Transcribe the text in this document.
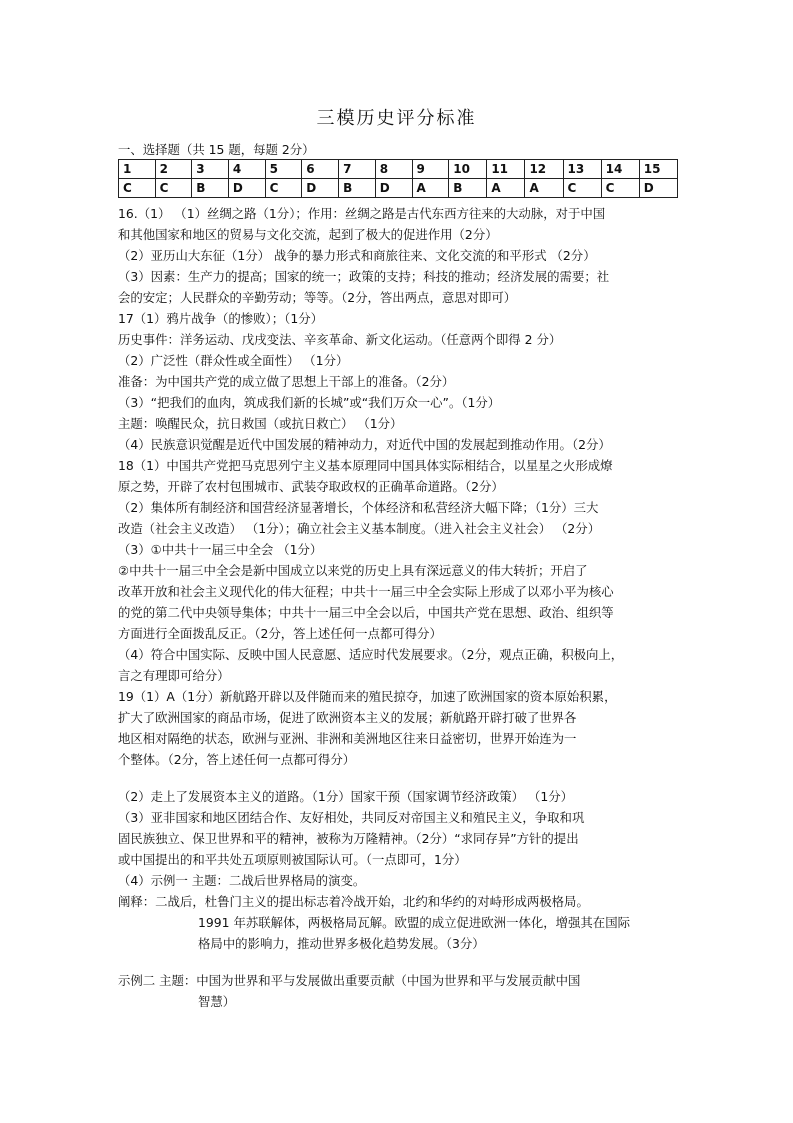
三模历史评分标准
一、选择题（共 15 题，每题 2分）
1	2	3	4	5	6	7	8	9	10	11	12	13	14	15
C	C	B	D	C	D	B	D	A	B	A	A	C	C	D
16.（1） （1）丝绸之路（1分）；作用：丝绸之路是古代东西方往来的大动脉，对于中国
和其他国家和地区的贸易与文化交流，起到了极大的促进作用（2分）
（2）亚历山大东征（1分） 战争的暴力形式和商旅往来、文化交流的和平形式 （2分）
（3）因素：生产力的提高；国家的统一；政策的支持；科技的推动；经济发展的需要；社
会的安定；人民群众的辛勤劳动；等等。（2分，答出两点，意思对即可）
17（1）鸦片战争（的惨败）；（1分）
历史事件：洋务运动、戊戌变法、辛亥革命、新文化运动。（任意两个即得 2 分）
（2）广泛性（群众性或全面性） （1分）
准备：为中国共产党的成立做了思想上干部上的准备。（2分）
（3）“把我们的血肉，筑成我们新的长城”或“我们万众一心”。（1分）
主题：唤醒民众，抗日救国（或抗日救亡） （1分）
（4）民族意识觉醒是近代中国发展的精神动力，对近代中国的发展起到推动作用。（2分）
18（1）中国共产党把马克思列宁主义基本原理同中国具体实际相结合，以星星之火形成燎
原之势，开辟了农村包围城市、武装夺取政权的正确革命道路。（2分）
（2）集体所有制经济和国营经济显著增长，个体经济和私营经济大幅下降；（1分）三大
改造（社会主义改造） （1分）；确立社会主义基本制度。（进入社会主义社会） （2分）
（3）①中共十一届三中全会 （1分）
②中共十一届三中全会是新中国成立以来党的历史上具有深远意义的伟大转折；开启了
改革开放和社会主义现代化的伟大征程；中共十一届三中全会实际上形成了以邓小平为核心
的党的第二代中央领导集体；中共十一届三中全会以后，中国共产党在思想、政治、组织等
方面进行全面拨乱反正。（2分，答上述任何一点都可得分）
（4）符合中国实际、反映中国人民意愿、适应时代发展要求。（2分，观点正确，积极向上，
言之有理即可给分）
19（1）A（1分）新航路开辟以及伴随而来的殖民掠夺，加速了欧洲国家的资本原始积累，
扩大了欧洲国家的商品市场，促进了欧洲资本主义的发展；新航路开辟打破了世界各
地区相对隔绝的状态，欧洲与亚洲、非洲和美洲地区往来日益密切，世界开始连为一
个整体。（2分，答上述任何一点都可得分）
（2）走上了发展资本主义的道路。（1分）国家干预（国家调节经济政策） （1分）
（3）亚非国家和地区团结合作、友好相处，共同反对帝国主义和殖民主义，争取和巩
固民族独立、保卫世界和平的精神，被称为万隆精神。（2分）“求同存异”方针的提出
或中国提出的和平共处五项原则被国际认可。（一点即可，1分）
（4）示例一 主题：二战后世界格局的演变。
阐释：二战后，杜鲁门主义的提出标志着冷战开始，北约和华约的对峙形成两极格局。
1991 年苏联解体，两极格局瓦解。欧盟的成立促进欧洲一体化，增强其在国际
格局中的影响力，推动世界多极化趋势发展。（3分）
示例二 主题：中国为世界和平与发展做出重要贡献（中国为世界和平与发展贡献中国
智慧）
